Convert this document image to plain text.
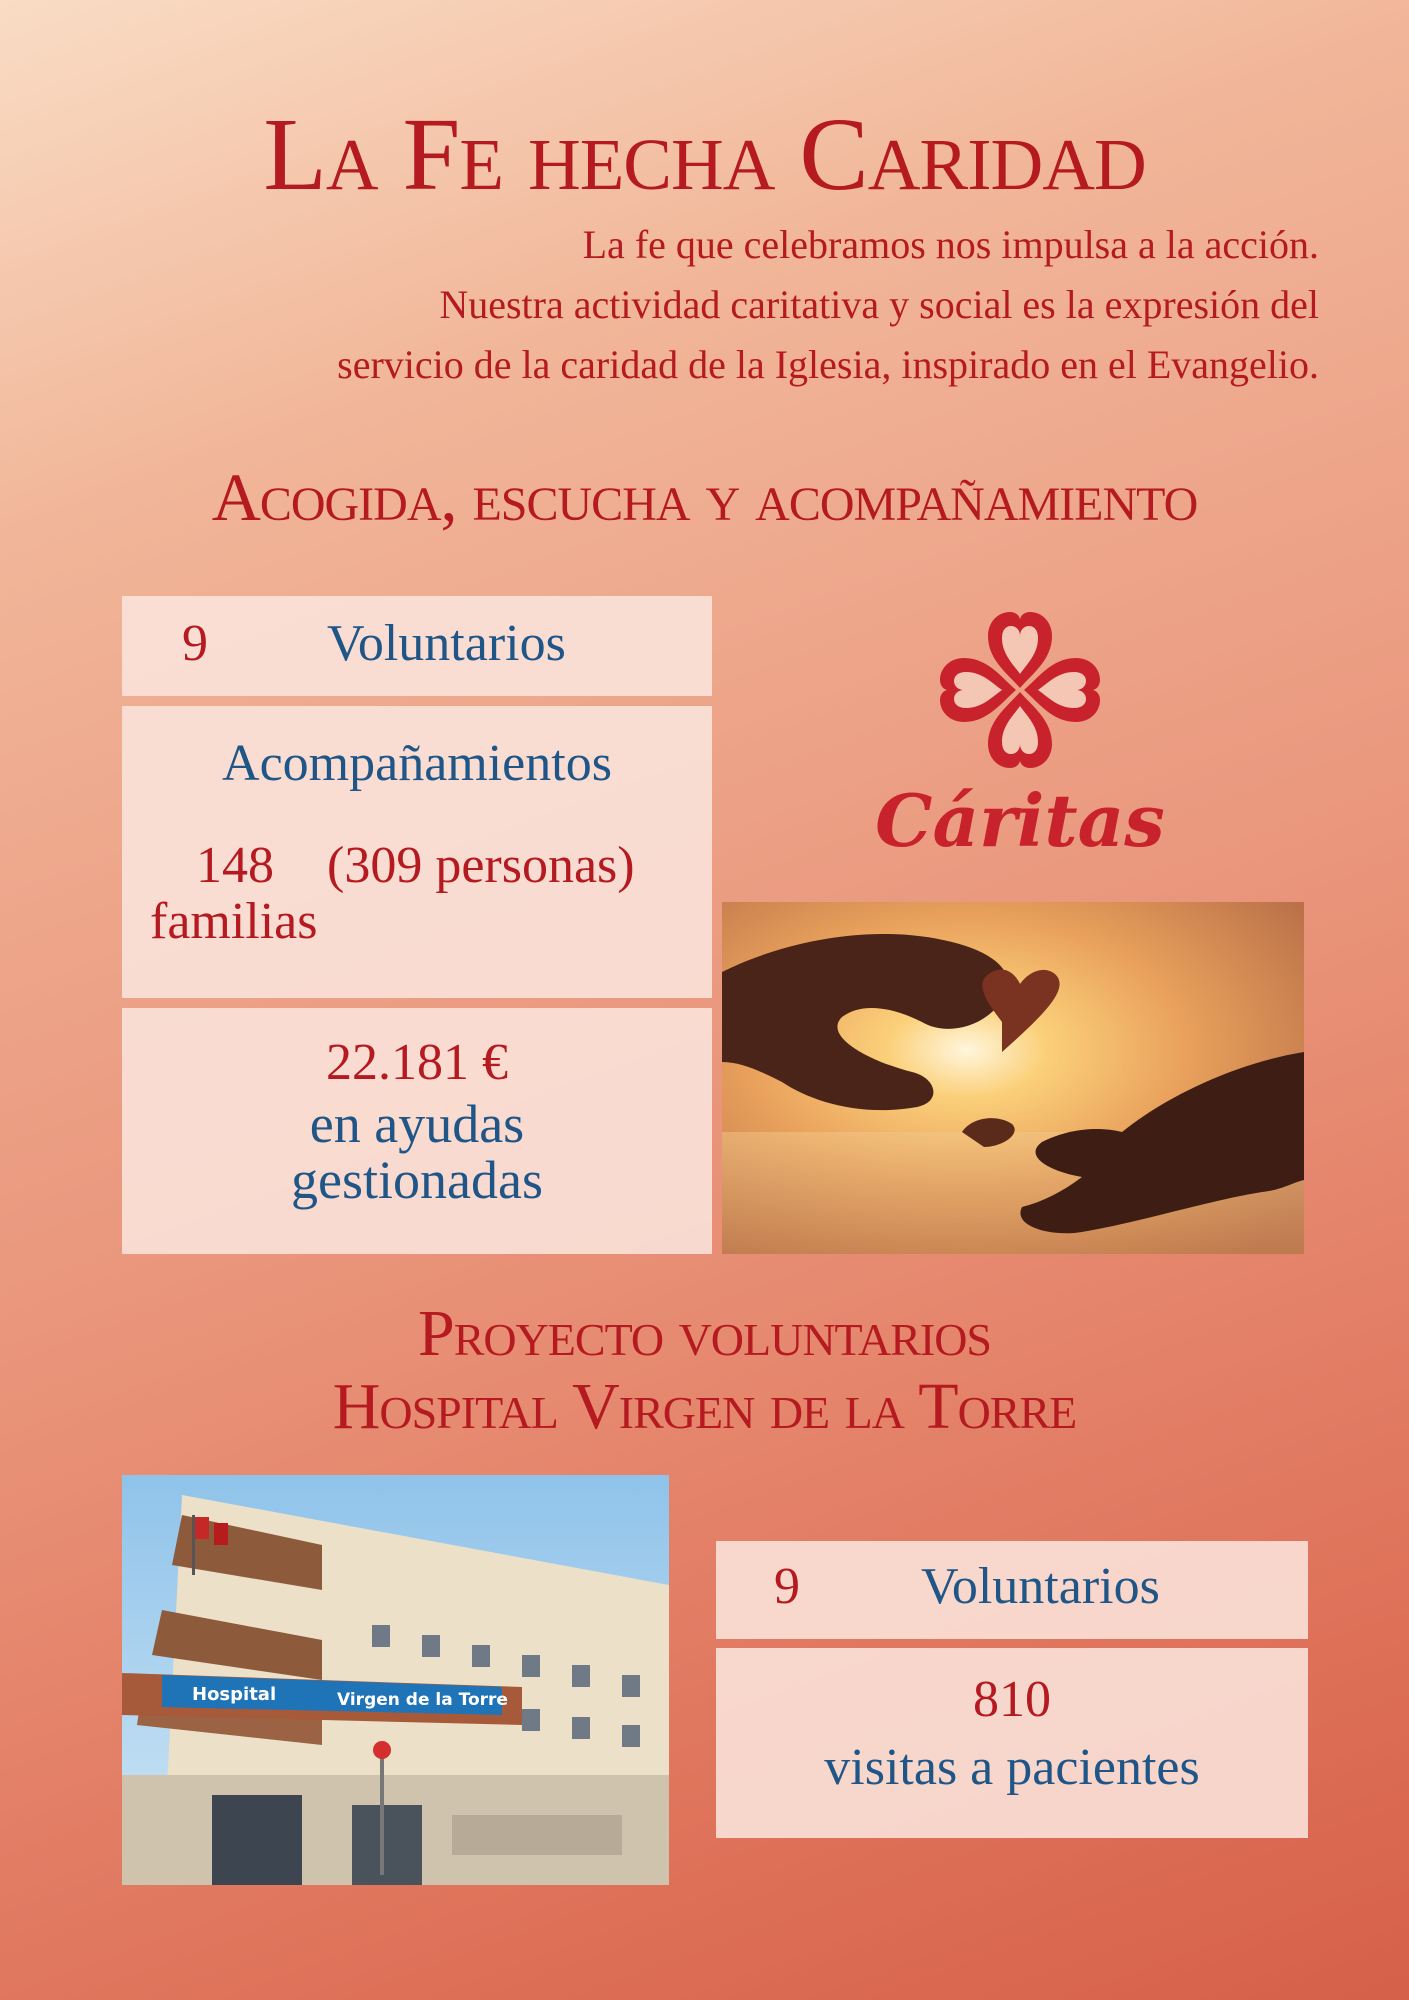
La Fe hecha Caridad
La fe que celebramos nos impulsa a la acción.
Nuestra actividad caritativa y social es la expresión del
servicio de la caridad de la Iglesia, inspirado en el Evangelio.
Acogida, escucha y acompañamiento
9 Voluntarios
Acompañamientos
148 (309 personas)
familias
22.181 €
en ayudas
gestionadas
Cáritas
Proyecto voluntarios
Hospital Virgen de la Torre
Hospital	Virgen de la Torre
9 Voluntarios
810
visitas a pacientes
